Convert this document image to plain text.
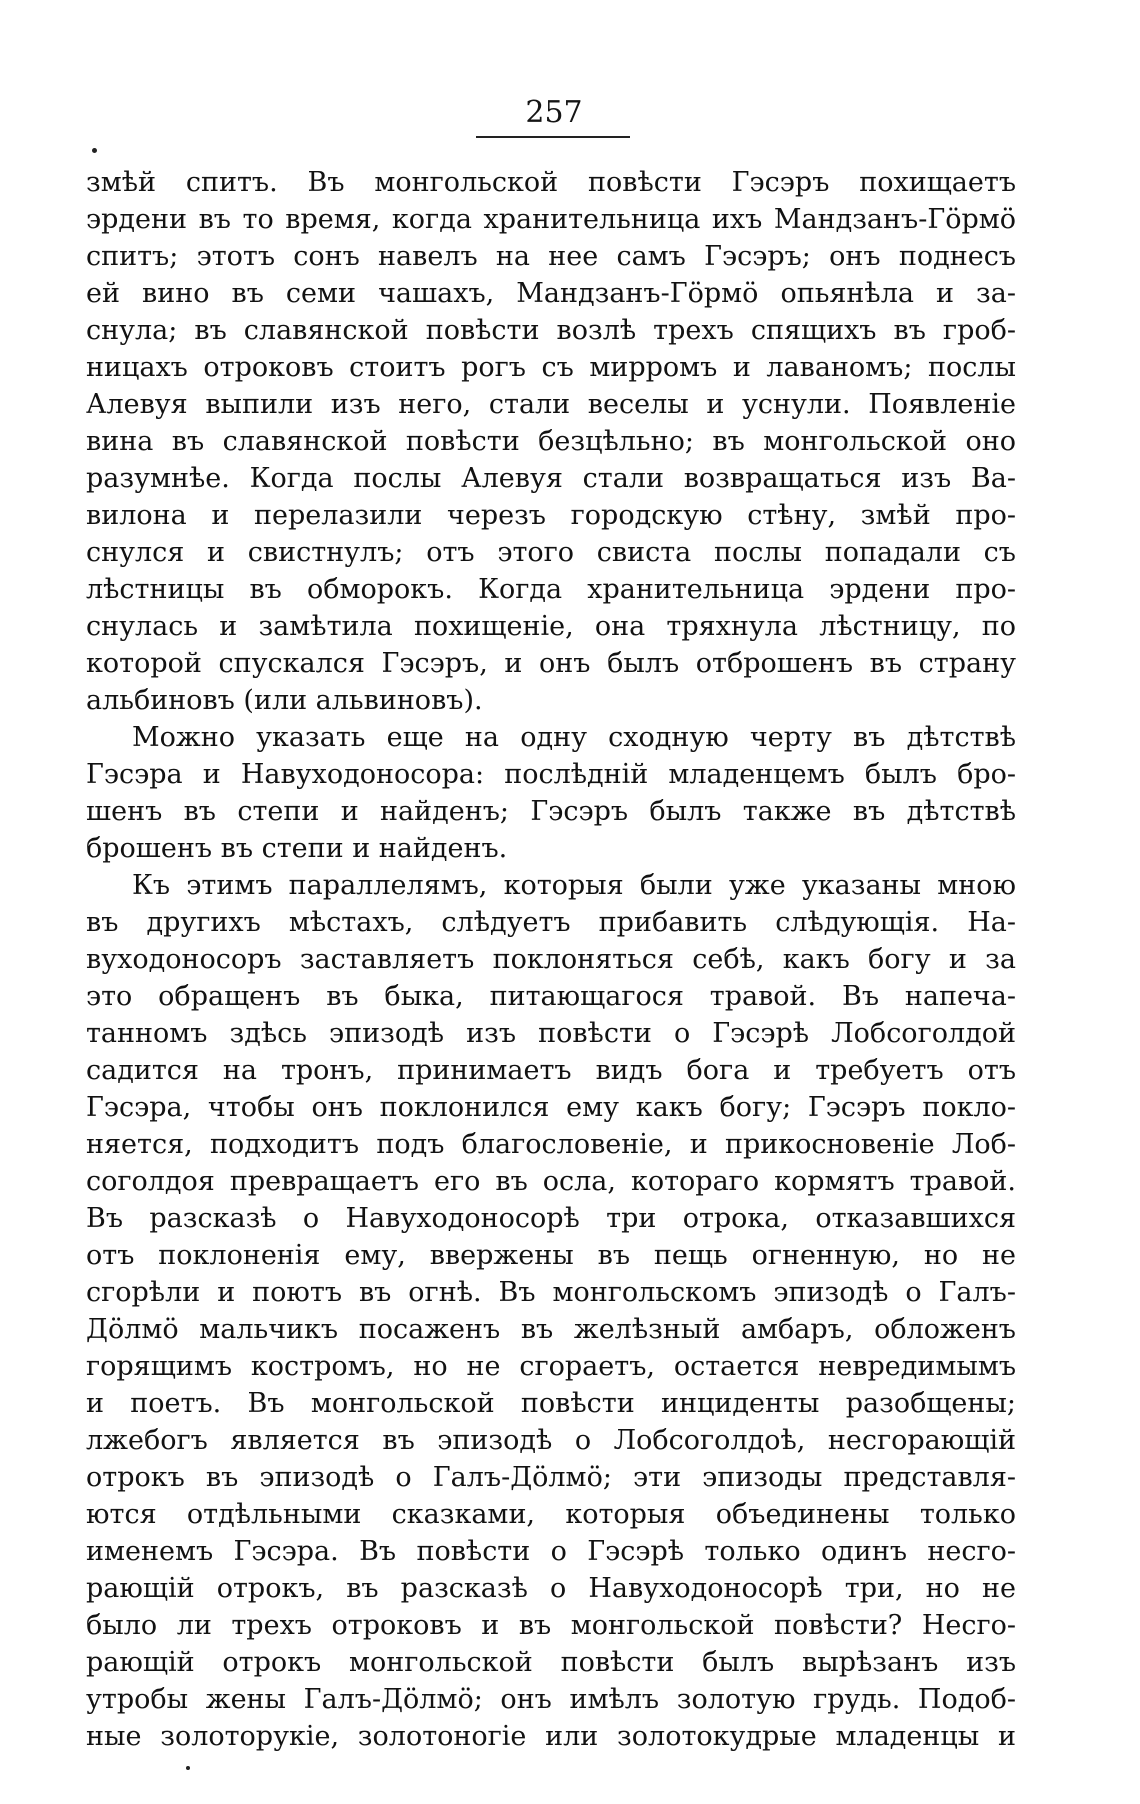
257
змѣй спитъ. Въ монгольской повѣсти Гэсэръ похищаетъ
эрдени въ то время, когда хранительница ихъ Мандзанъ-Гӧрмӧ
спитъ; этотъ сонъ навелъ на нее самъ Гэсэръ; онъ поднесъ
ей вино въ семи чашахъ, Мандзанъ-Гӧрмӧ опьянѣла и за-
снула; въ славянской повѣсти возлѣ трехъ спящихъ въ гроб-
ницахъ отроковъ стоитъ рогъ съ мирромъ и лаваномъ; послы
Алевуя выпили изъ него, стали веселы и уснули. Появленіе
вина въ славянской повѣсти безцѣльно; въ монгольской оно
разумнѣе. Когда послы Алевуя стали возвращаться изъ Ва-
вилона и перелазили черезъ городскую стѣну, змѣй про-
снулся и свистнулъ; отъ этого свиста послы попадали съ
лѣстницы въ обморокъ. Когда хранительница эрдени про-
снулась и замѣтила похищеніе, она тряхнула лѣстницу, по
которой спускался Гэсэръ, и онъ былъ отброшенъ въ страну
альбиновъ (или альвиновъ).
Можно указать еще на одну сходную черту въ дѣтствѣ
Гэсэра и Навуходоносора: послѣдній младенцемъ былъ бро-
шенъ въ степи и найденъ; Гэсэръ былъ также въ дѣтствѣ
брошенъ въ степи и найденъ.
Къ этимъ параллелямъ, которыя были уже указаны мною
въ другихъ мѣстахъ, слѣдуетъ прибавить слѣдующія. На-
вуходоносоръ заставляетъ поклоняться себѣ, какъ богу и за
это обращенъ въ быка, питающагося травой. Въ напеча-
танномъ здѣсь эпизодѣ изъ повѣсти о Гэсэрѣ Лобсоголдой
садится на тронъ, принимаетъ видъ бога и требуетъ отъ
Гэсэра, чтобы онъ поклонился ему какъ богу; Гэсэръ покло-
няется, подходитъ подъ благословеніе, и прикосновеніе Лоб-
соголдоя превращаетъ его въ осла, котораго кормятъ травой.
Въ разсказѣ о Навуходоносорѣ три отрока, отказавшихся
отъ поклоненія ему, ввержены въ пещь огненную, но не
сгорѣли и поютъ въ огнѣ. Въ монгольскомъ эпизодѣ о Галъ-
Дӧлмӧ мальчикъ посаженъ въ желѣзный амбаръ, обложенъ
горящимъ костромъ, но не сгораетъ, остается невредимымъ
и поетъ. Въ монгольской повѣсти инциденты разобщены;
лжебогъ является въ эпизодѣ о Лобсоголдоѣ, несгорающій
отрокъ въ эпизодѣ о Галъ-Дӧлмӧ; эти эпизоды представля-
ются отдѣльными сказками, которыя объединены только
именемъ Гэсэра. Въ повѣсти о Гэсэрѣ только одинъ несго-
рающій отрокъ, въ разсказѣ о Навуходоносорѣ три, но не
было ли трехъ отроковъ и въ монгольской повѣсти? Несго-
рающій отрокъ монгольской повѣсти былъ вырѣзанъ изъ
утробы жены Галъ-Дӧлмӧ; онъ имѣлъ золотую грудь. Подоб-
ные золоторукіе, золотоногіе или золотокудрые младенцы и
